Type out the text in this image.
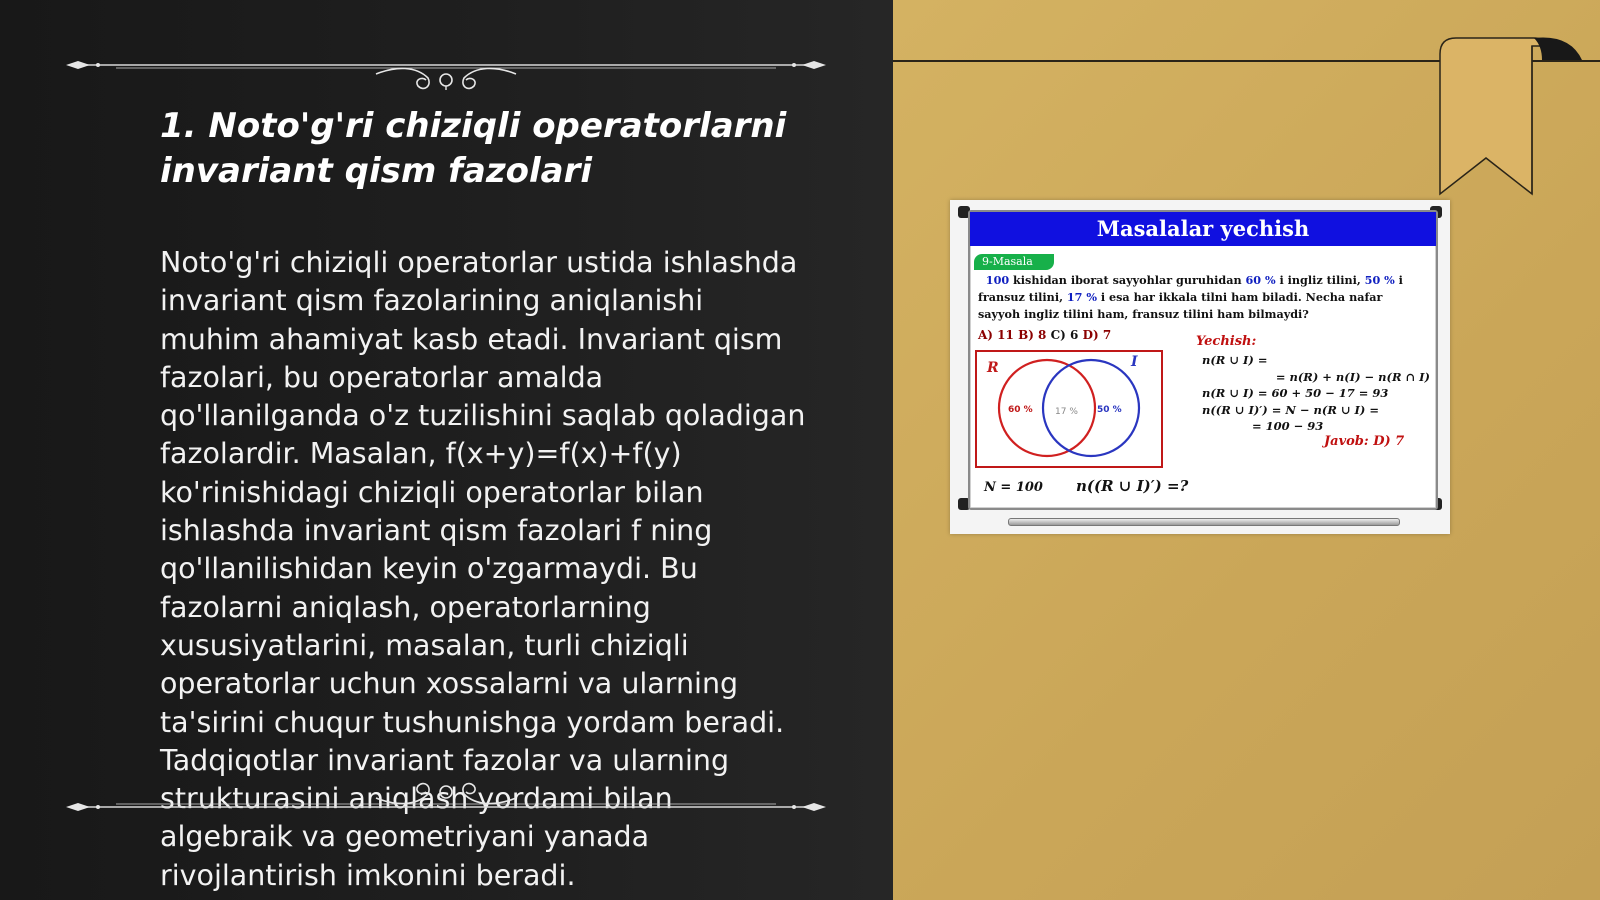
1. Noto'g'ri chiziqli operatorlarni
invariant qism fazolari

Noto'g'ri chiziqli operatorlar ustida ishlashda
invariant qism fazolarining aniqlanishi
muhim ahamiyat kasb etadi. Invariant qism
fazolari, bu operatorlar amalda
qo'llanilganda o'z tuzilishini saqlab qoladigan
fazolardir. Masalan, f(x+y)=f(x)+f(y)
ko'rinishidagi chiziqli operatorlar bilan
ishlashda invariant qism fazolari f ning
qo'llanilishidan keyin o'zgarmaydi. Bu
fazolarni aniqlash, operatorlarning
xususiyatlarini, masalan, turli chiziqli
operatorlar uchun xossalarni va ularning
ta'sirini chuqur tushunishga yordam beradi.
Tadqiqotlar invariant fazolar va ularning
strukturasini aniqlash yordami bilan
algebraik va geometriyani yanada
rivojlantirish imkonini beradi.

Masalalar yechish
9-Masala
100 kishidan iborat sayyohlar guruhidan 60 % i ingliz tilini, 50 % i fransuz tilini, 17 % i esa har ikkala tilni ham biladi. Necha nafar sayyoh ingliz tilini ham, fransuz tilini ham bilmaydi?
A) 11 B) 8 C) 6 D) 7
R	I
60 % 17 % 50 %
N = 100 n((R ∪ I)′) =?
Yechish:
n(R ∪ I) =
= n(R) + n(I) − n(R ∩ I)
n(R ∪ I) = 60 + 50 − 17 = 93
n((R ∪ I)′) = N − n(R ∪ I) =
= 100 − 93
Javob: D) 7
